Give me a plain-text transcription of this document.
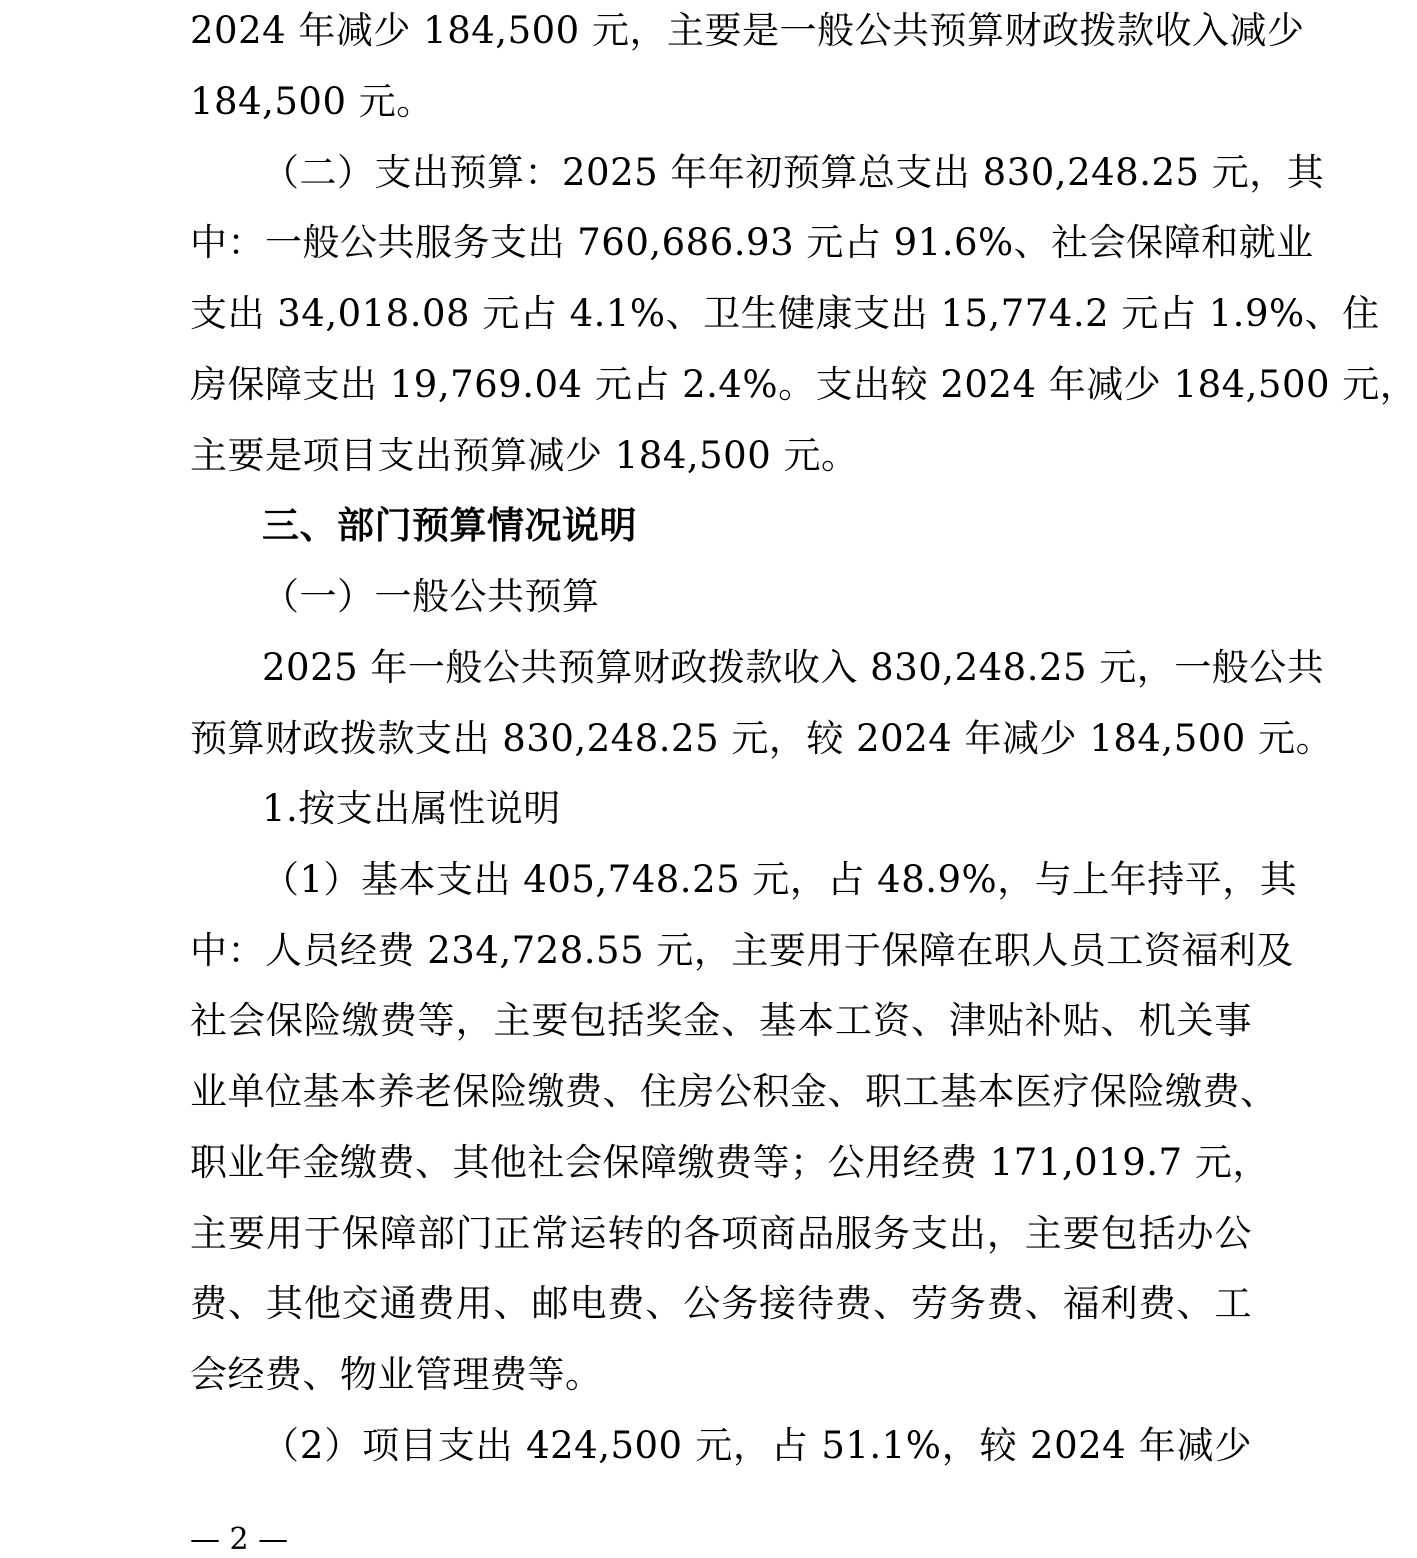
2024 年减少 184,500 元，主要是一般公共预算财政拨款收入减少
184,500 元。
（二）支出预算：2025 年年初预算总支出 830,248.25 元，其
中：一般公共服务支出 760,686.93 元占 91.6%、社会保障和就业
支出 34,018.08 元占 4.1%、卫生健康支出 15,774.2 元占 1.9%、住
房保障支出 19,769.04 元占 2.4%。支出较 2024 年减少 184,500 元，
主要是项目支出预算减少 184,500 元。
三、部门预算情况说明
（一）一般公共预算
2025 年一般公共预算财政拨款收入 830,248.25 元，一般公共
预算财政拨款支出 830,248.25 元，较 2024 年减少 184,500 元。
1.按支出属性说明
（1）基本支出 405,748.25 元，占 48.9%，与上年持平，其
中：人员经费 234,728.55 元，主要用于保障在职人员工资福利及
社会保险缴费等，主要包括奖金、基本工资、津贴补贴、机关事
业单位基本养老保险缴费、住房公积金、职工基本医疗保险缴费、
职业年金缴费、其他社会保障缴费等；公用经费 171,019.7 元，
主要用于保障部门正常运转的各项商品服务支出，主要包括办公
费、其他交通费用、邮电费、公务接待费、劳务费、福利费、工
会经费、物业管理费等。
（2）项目支出 424,500 元，占 51.1%，较 2024 年减少
— 2 —
